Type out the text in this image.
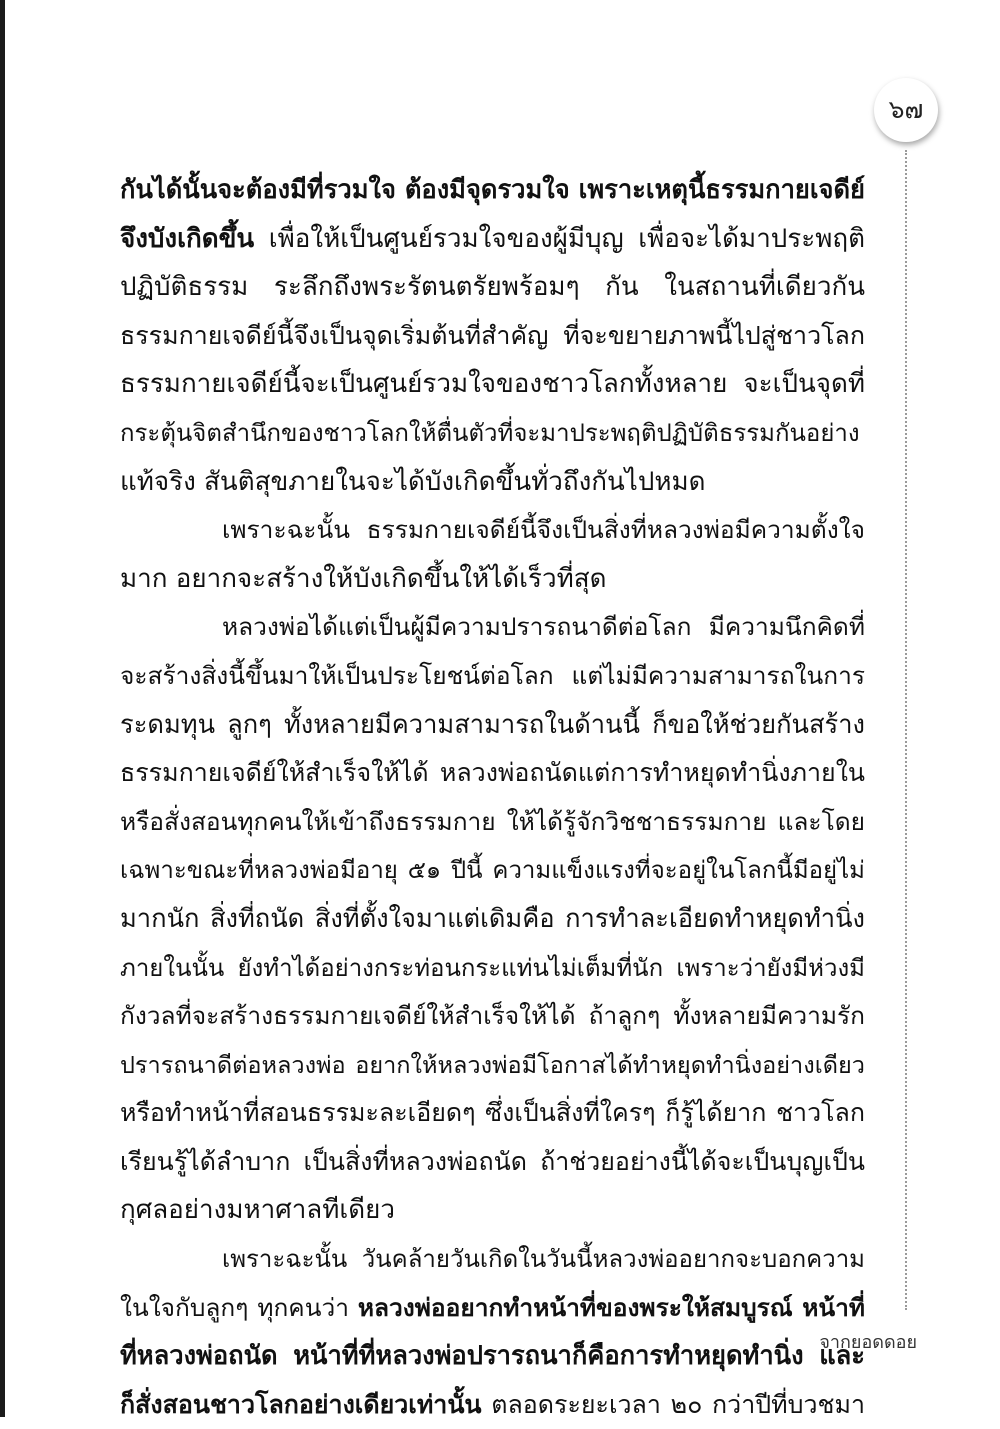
๖๗
กันได้นั้นจะต้องมีที่รวมใจ ต้องมีจุดรวมใจ เพราะเหตุนี้ธรรมกายเจดีย์
จึงบังเกิดขึ้น เพื่อให้เป็นศูนย์รวมใจของผู้มีบุญ เพื่อจะได้มาประพฤติ
ปฏิบัติธรรม ระลึกถึงพระรัตนตรัยพร้อมๆ กัน ในสถานที่เดียวกัน
ธรรมกายเจดีย์นี้จึงเป็นจุดเริ่มต้นที่สำคัญ ที่จะขยายภาพนี้ไปสู่ชาวโลก
ธรรมกายเจดีย์นี้จะเป็นศูนย์รวมใจของชาวโลกทั้งหลาย จะเป็นจุดที่
กระตุ้นจิตสำนึกของชาวโลกให้ตื่นตัวที่จะมาประพฤติปฏิบัติธรรมกันอย่าง
แท้จริง สันติสุขภายในจะได้บังเกิดขึ้นทั่วถึงกันไปหมด
เพราะฉะนั้น ธรรมกายเจดีย์นี้จึงเป็นสิ่งที่หลวงพ่อมีความตั้งใจ
มาก อยากจะสร้างให้บังเกิดขึ้นให้ได้เร็วที่สุด
หลวงพ่อได้แต่เป็นผู้มีความปรารถนาดีต่อโลก มีความนึกคิดที่
จะสร้างสิ่งนี้ขึ้นมาให้เป็นประโยชน์ต่อโลก แต่ไม่มีความสามารถในการ
ระดมทุน ลูกๆ ทั้งหลายมีความสามารถในด้านนี้ ก็ขอให้ช่วยกันสร้าง
ธรรมกายเจดีย์ให้สำเร็จให้ได้ หลวงพ่อถนัดแต่การทำหยุดทำนิ่งภายใน
หรือสั่งสอนทุกคนให้เข้าถึงธรรมกาย ให้ได้รู้จักวิชชาธรรมกาย และโดย
เฉพาะขณะที่หลวงพ่อมีอายุ ๕๑ ปีนี้ ความแข็งแรงที่จะอยู่ในโลกนี้มีอยู่ไม่
มากนัก สิ่งที่ถนัด สิ่งที่ตั้งใจมาแต่เดิมคือ การทำละเอียดทำหยุดทำนิ่ง
ภายในนั้น ยังทำได้อย่างกระท่อนกระแท่นไม่เต็มที่นัก เพราะว่ายังมีห่วงมี
กังวลที่จะสร้างธรรมกายเจดีย์ให้สำเร็จให้ได้ ถ้าลูกๆ ทั้งหลายมีความรัก
ปรารถนาดีต่อหลวงพ่อ อยากให้หลวงพ่อมีโอกาสได้ทำหยุดทำนิ่งอย่างเดียว
หรือทำหน้าที่สอนธรรมะละเอียดๆ ซึ่งเป็นสิ่งที่ใครๆ ก็รู้ได้ยาก ชาวโลก
เรียนรู้ได้ลำบาก เป็นสิ่งที่หลวงพ่อถนัด ถ้าช่วยอย่างนี้ได้จะเป็นบุญเป็น
กุศลอย่างมหาศาลทีเดียว
เพราะฉะนั้น วันคล้ายวันเกิดในวันนี้หลวงพ่ออยากจะบอกความ
ในใจกับลูกๆ ทุกคนว่า หลวงพ่ออยากทำหน้าที่ของพระให้สมบูรณ์ หน้าที่
ที่หลวงพ่อถนัด หน้าที่ที่หลวงพ่อปรารถนาก็คือการทำหยุดทำนิ่ง และ
ก็สั่งสอนชาวโลกอย่างเดียวเท่านั้น ตลอดระยะเวลา ๒๐ กว่าปีที่บวชมา
จากยอดดอย
